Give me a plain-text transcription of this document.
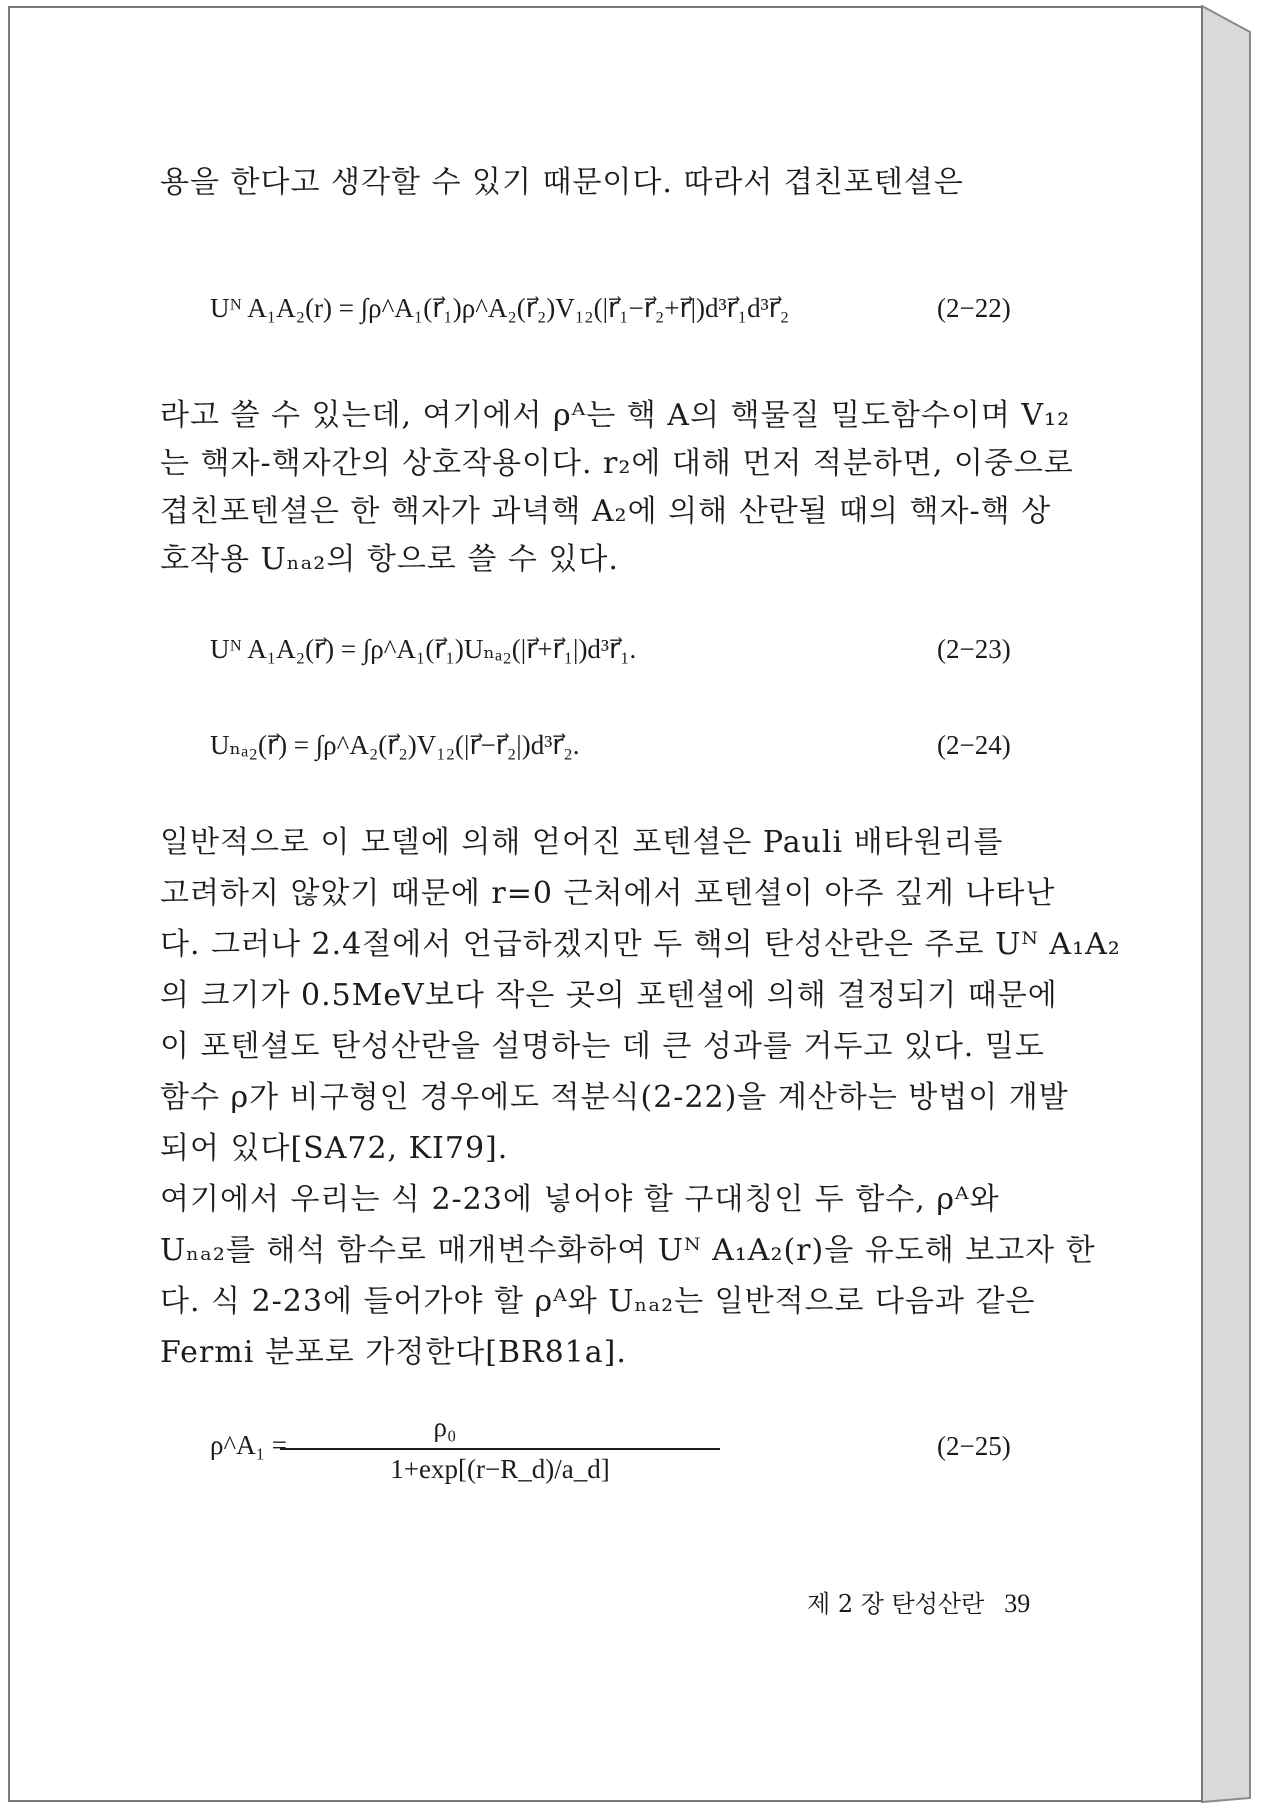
용을 한다고 생각할 수 있기 때문이다. 따라서 겹친포텐셜은

Uᴺ A₁A₂(r) = ∫ρ^A₁(r⃗₁)ρ^A₂(r⃗₂)V₁₂(|r⃗₁−r⃗₂+r⃗|)d³r⃗₁d³r⃗₂	(2−22)

라고 쓸 수 있는데, 여기에서 ρᴬ는 핵 A의 핵물질 밀도함수이며 V₁₂

는 핵자-핵자간의 상호작용이다. r₂에 대해 먼저 적분하면, 이중으로

겹친포텐셜은 한 핵자가 과녁핵 A₂에 의해 산란될 때의 핵자-핵 상

호작용 Uₙₐ₂의 항으로 쓸 수 있다.

Uᴺ A₁A₂(r⃗) = ∫ρ^A₁(r⃗₁)Uₙₐ₂(|r⃗+r⃗₁|)d³r⃗₁.	(2−23)
Uₙₐ₂(r⃗) = ∫ρ^A₂(r⃗₂)V₁₂(|r⃗−r⃗₂|)d³r⃗₂.	(2−24)

일반적으로 이 모델에 의해 얻어진 포텐셜은 Pauli 배타원리를

고려하지 않았기 때문에 r=0 근처에서 포텐셜이 아주 깊게 나타난

다. 그러나 2.4절에서 언급하겠지만 두 핵의 탄성산란은 주로 Uᴺ A₁A₂

의 크기가 0.5MeV보다 작은 곳의 포텐셜에 의해 결정되기 때문에

이 포텐셜도 탄성산란을 설명하는 데 큰 성과를 거두고 있다. 밀도

함수 ρ가 비구형인 경우에도 적분식(2-22)을 계산하는 방법이 개발

되어 있다[SA72, KI79].

여기에서 우리는 식 2-23에 넣어야 할 구대칭인 두 함수, ρᴬ와

Uₙₐ₂를 해석 함수로 매개변수화하여 Uᴺ A₁A₂(r)을 유도해 보고자 한

다. 식 2-23에 들어가야 할 ρᴬ와 Uₙₐ₂는 일반적으로 다음과 같은

Fermi 분포로 가정한다[BR81a].

ρ^A₁ =
ρ₀
1+exp[(r−R_d)/a_d]
(2−25)
제 2 장 탄성산란 39
